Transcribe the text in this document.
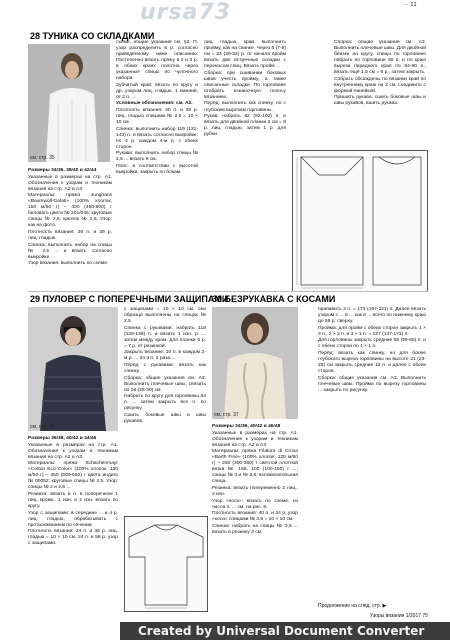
ursa73	··· 11
28 ТУНИКА СО СКЛАДКАМИ
см. стр. 35

Размеры 34/36, 38/40 и 42/44

Указанные в размерах на стр. A1. Обозначения к узорам и техникам вязания на стр. A2 и A3.

Материалы: пряжа Junghans «Baumwoll-Gelati» (100% хлопок, 150 м/50 г) – 400 (450-500) г белового цвета № 201/045; круговые спицы № 2,5; крючок № 2,5. Узор: как на фото.

Плотность вязания: 30 п. и 39 р. лиц. гладью.

Спинка: выполнить набор на спицы № 2,5 ... и вязать согласно выкройке.

Узор вязания: выполнить по схеме.

схеме, общие указания см. §2. П. узор распределить в р. согласно приведённому ниже описанию. Постепенно вязать пряжу в 2 и 3 р. в обоих краях полотна через указанные спицы по чулочного набора.

Зубчатый край: вязать по кругу и др. узором лиц. гладью, 1 нижний, от 2 п. ...

Условные обозначения: см. A2.

Плотность вязания: 30 п. и 39 р. лиц. гладью спицами № 2,5 = 10 × 10 см.

Спинка: выполнить набор 119 (131-143) п. и вязать согласно выкройке: по 4 р. каждом 4-м р. с обеих сторон.

Рукава: выполнить набор спицы № 2,5 ... вязать 6 см.

Пояс: в соответствии с высотой выкройки, закрыть по бокам.

лиц. гладью, край. выполнить пройму, как на спинке. Через 6 (7-8) см = 24 (28-32) р. от начала пройм вязать две встречные складки с переносом спиц. Вязать пройм ...

Сборка: при сшивании боковых швов учесть пройму, а также описанные складки. По горловине отобрать изнаночную полосу вязанием.

Перёд: выполнить как спинку, но с глубоким вырезом горловины.

Рукав: набрать 82 (92-102) п. и вязать для двойной планки 2 см = 8 р. лиц. гладью, затем 1 р. для рубки.

Сборка: общие указания см. A3. Выполнить плечевые швы. Для двойной беизке на кругу, спицы по горловине набрать по горловине 90 п. и по краю выреза переднего края по 84-90 п., вязать ещё 1,5 см = 6 р., затем закрыть.

Собрать обсаждены по вязанки край по внутреннему краю на 3 см, соединить с формой линейкой.

Пришить рукава, сшить боковые швы и швы рукавов, вшить рукава.

29 ПУЛОВЕР С ПОПЕРЕЧНЫМИ ЗАЩИПАМИ
см. стр. 35

Размеры 36/38, 40/42 и 44/46

Указанные в размерах на стр. A1. Обозначения к узорам и техникам вязания на стр. A2 и A3.

Материалы: пряжа Schachenmayr «Cotton Eco Color» (100% хлопок, 130 м/50 г) – 450 (500-550) г цвета индиго № 00052; круговые спицы № 2,5. Узор: спицы № 2 и 2,5 ...

Резинка: вязать в п. в поперечном 1 лиц. кромк., 1 изн. и 2 изн. вязать по кругу.

Узор с защипами: в середине ... и 4 р. лиц. гладью, обрабатывать с протаскиванием по сечении.

Плотность вязания: 24 п. и 36 р. лиц. гладью = 10 × 10 см, 24 п. и 58 р. узор с защипами.

с защипами = 10 × 10 см, оба образца выполнены на спицах № 2,5.

Спинка с рукавами: набрать 118 (128-138) п. и вязать 1 изн. р. ... затем между кром. для планки 6 р. = 7 р. от резинкой.

Закрыть вязание: 10 п. в каждом 2-м р. ... по 3 п. 2 раза ...

Перёд с рукавами: вязать как спинку.

Сборка: общие указания см. A3. Выполнить плечевые швы, связать по 26 (28-30) см.

Набрать по кругу для горловины 84 п. ... затем закрыть все п. по рисунку.

Сшить боковые швы и швы рукавов.

30 БЕЗРУКАВКА С КОСАМИ
см. стр. 37

Размеры 34/36, 40/42 и 46/48

Указанные в размерах на стр. A1. Обозначения к узорам и техникам вязания на стр. A2 и A3.

Материалы: пряжа Filatura di Crosa «Barth Fine» (100% хлопок, 125 м/50 г) – 250 (300-350) г светлой плотной вязки № 155, 100 (100-150) г ...; спицы № 3 и № 3,5; вспомогательная спица.

Резинка: вязать попеременно 2 лиц., 2 изн.

Узор «коса»: вязать по схеме, из числа п. ... см. на рис. 9.

Плотность вязания: 40 п. и 34 р. узор «коса» спицами № 3,5 = 10 × 10 см.

Спинка: набрать на спицы № 3,5 ... вязать в резинку 3 см.

прибавить 3 п. = 173 (197-221) п. Далее вязать узором с ... в ... как в ... всего по нижнему краю до 58 р. сверху.

Пройма: для пройм с обеих сторон закрыть 1 × 3 п., 2 × 2 п. и 3 × 1 п. = 127 (147-171) п.

Для горловины закрыть средние 55 (59-65) п. и с обеих сторон по 1 × 1 п.

Перёд: вязать как спинку, но для более глубокого выреза горловины на высоте 21 (23-25) см закрыть средние 13 п. и далее с обеих сторон.

Сборка: общие указания см. A3. Выполнить плечевые швы. Пройма по вырезу горловины ... закрыть по рисунку.

Продолжение на след. стр. ▶
Узоры вязания 1/2017 75
Created by Universal Document Converter
